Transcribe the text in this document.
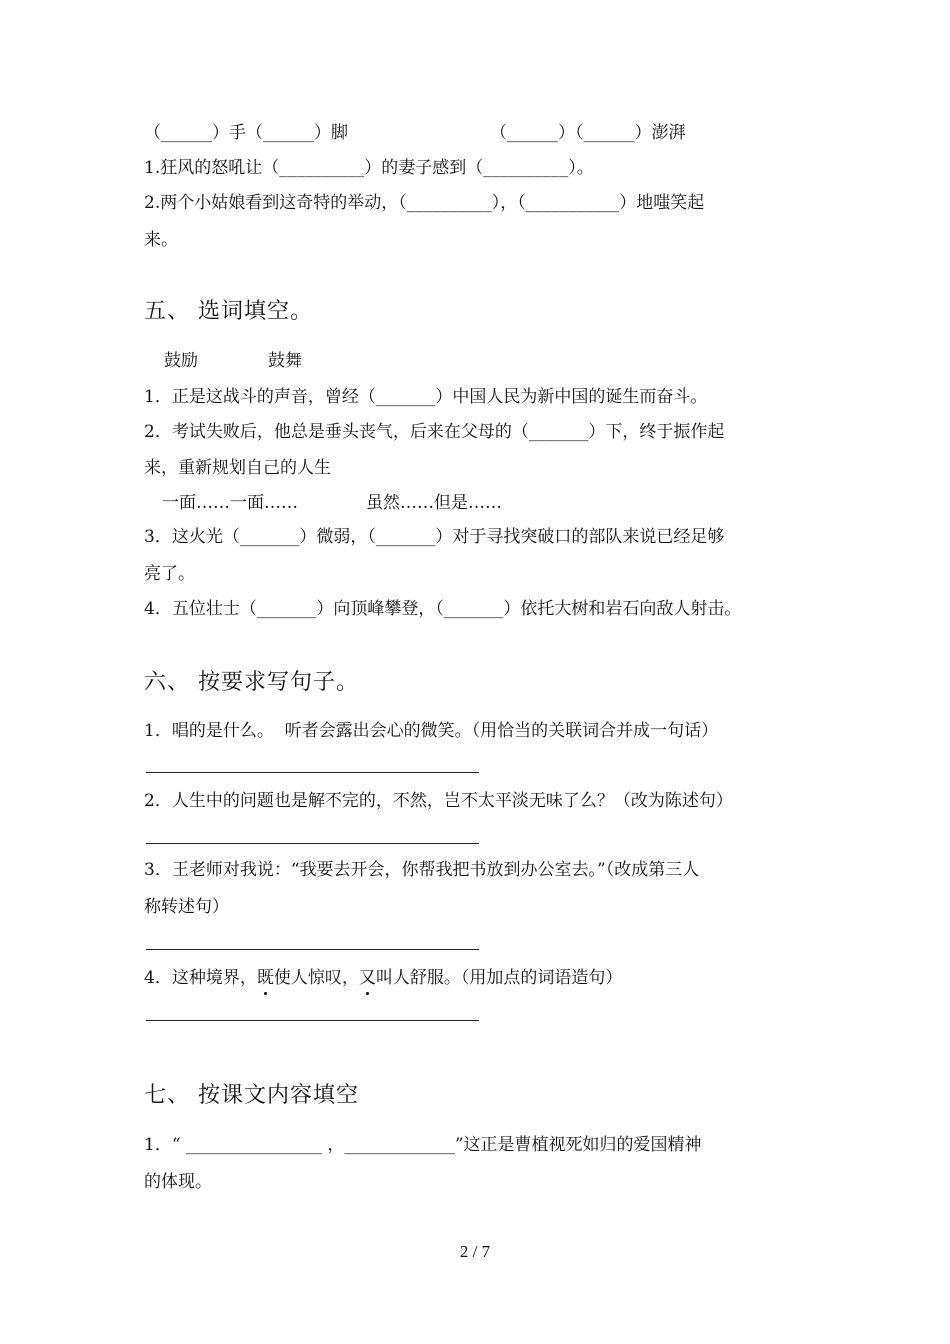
（______）手（______）脚	（______）（______）澎湃
1.狂风的怒吼让（__________）的妻子感到（__________）。
2.两个小姑娘看到这奇特的举动，（__________），（___________）地嗤笑起
来。
五、 选词填空。
鼓励	鼓舞
1．正是这战斗的声音，曾经（_______）中国人民为新中国的诞生而奋斗。
2．考试失败后，他总是垂头丧气，后来在父母的（_______）下，终于振作起
来，重新规划自己的人生
一面……一面……	虽然……但是……
3．这火光（_______）微弱，（_______）对于寻找突破口的部队来说已经足够
亮了。
4．五位壮士（_______）向顶峰攀登，（_______）依托大树和岩石向敌人射击。
六、 按要求写句子。
1．唱的是什么。  听者会露出会心的微笑。（用恰当的关联词合并成一句话）
2．人生中的问题也是解不完的，不然，岂不太平淡无味了么？（改为陈述句）
3．王老师对我说：“我要去开会，你帮我把书放到办公室去。”（改成第三人
称转述句）
4．这种境界，既使人惊叹，又叫人舒服。（用加点的词语造句）
七、 按课文内容填空
1．“ ________________ ，_____________”这正是曹植视死如归的爱国精神
的体现。
2 / 7
